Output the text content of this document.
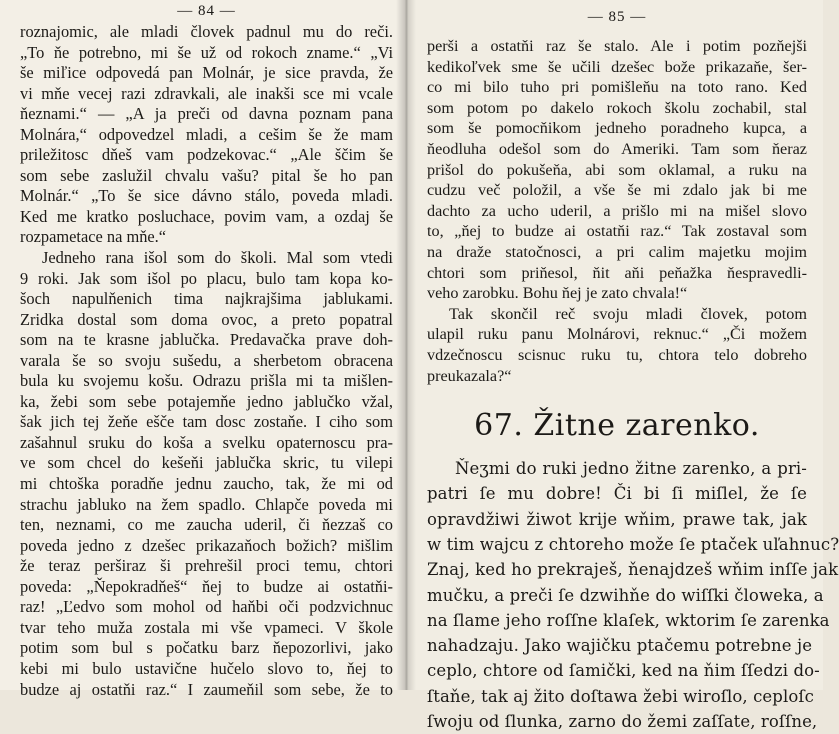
— 84 —
roznajomic, ale mladi človek padnul mu do reči.
„To ňe potrebno, mi še už od rokoch zname.“ „Vi
še miľice odpovedá pan Molnár, je sice pravda, že
vi mňe vecej razi zdravkali, ale inakši sce mi vcale
ňeznami.“ — „A ja preči od davna poznam pana
Molnára,“ odpovedzel mladi, a cešim še že mam
priležitosc dňeš vam podzekovac.“ „Ale ščim še
som sebe zaslužil chvalu vašu? pital še ho pan
Molnár.“ „To še sice dávno stálo, poveda mladi.
Ked me kratko posluchace, povim vam, a ozdaj še
rozpametace na mňe.“
Jedneho rana išol som do školi. Mal som vtedi
9 roki. Jak som išol po placu, bulo tam kopa ko-
šoch napulňenich tima najkrajšima jablukami.
Zridka dostal som doma ovoc, a preto popatral
som na te krasne jablučka. Predavačka prave doh-
varala še so svoju sušedu, a sherbetom obracena
bula ku svojemu košu. Odrazu prišla mi ta mišlen-
ka, žebi som sebe potajemňe jedno jablučko vžal,
šak jich tej žeňe ešče tam dosc zostaňe. I ciho som
zašahnul sruku do koša a svelku opaternoscu pra-
ve som chcel do kešeňi jablučka skric, tu vilepi
mi chtoška poradňe jednu zaucho, tak, že mi od
strachu jabluko na žem spadlo. Chlapče poveda mi
ten, neznami, co me zaucha uderil, či ňezzaš co
poveda jedno z dzešec prikazaňoch božich? mišlim
že teraz perširaz ši prehrešil proci temu, chtori
poveda: „Ňepokradňeš“ ňej to budze ai ostatňi-
raz! „Ľedvo som mohol od haňbi oči podzvichnuc
tvar teho muža zostala mi vše vpameci. V škole
potim som bul s počatku barz ňepozorlivi, jako
kebi mi bulo ustavične hučelo slovo to, ňej to
budze aj ostatňi raz.“ I zaumeňil som sebe, že to
— 85 —
perši a ostatňi raz še stalo. Ale i potim pozňejši
kedikoľvek sme še učili dzešec bože prikazaňe, šer-
co mi bilo tuho pri pomišleňu na toto rano. Ked
som potom po dakelo rokoch školu zochabil, stal
som še pomocňikom jedneho poradneho kupca, a
ňeodluha odešol som do Ameriki. Tam som ňeraz
prišol do pokušeňa, abi som oklamal, a ruku na
cudzu več položil, a vše še mi zdalo jak bi me
dachto za ucho uderil, a prišlo mi na mišel slovo
to, „ňej to budze ai ostatňi raz.“ Tak zostaval som
na draže statočnosci, a pri calim majetku mojim
chtori som priňesol, ňit aňi peňažka ňespravedli-
veho zarobku. Bohu ňej je zato chvala!“
Tak skončil reč svoju mladi človek, potom
ulapil ruku panu Molnárovi, reknuc.“ „Či možem
vdzečnoscu scisnuc ruku tu, chtora telo dobreho
preukazala?“
67. Žitne zarenko.
Ňeʒmi do ruki jedno žitne zarenko, a pri-
patri ſe mu dobre! Či bi ſi miſlel, že ſe
opravdžiwi žiwot krije wňim, prawe tak, jak
w tim wajcu z chtoreho može ſe ptaček uľahnuc?
Znaj, ked ho prekraješ, ňenajdzeš wňim inſſe jak
mučku, a preči ſe dzwihňe do wiſſki čloweka, a
na ſlame jeho roſſne klaſek, wktorim ſe zarenka
nahadzaju. Jako wajičku ptačemu potrebne je
ceplo, chtore od ſamički, ked na ňim ſſedzi do-
ſtaňe, tak aj žito doſtawa žebi wiroſlo, ceploſc
ſwoju od ſlunka, zarno do žemi zaſſate, roſſne,
